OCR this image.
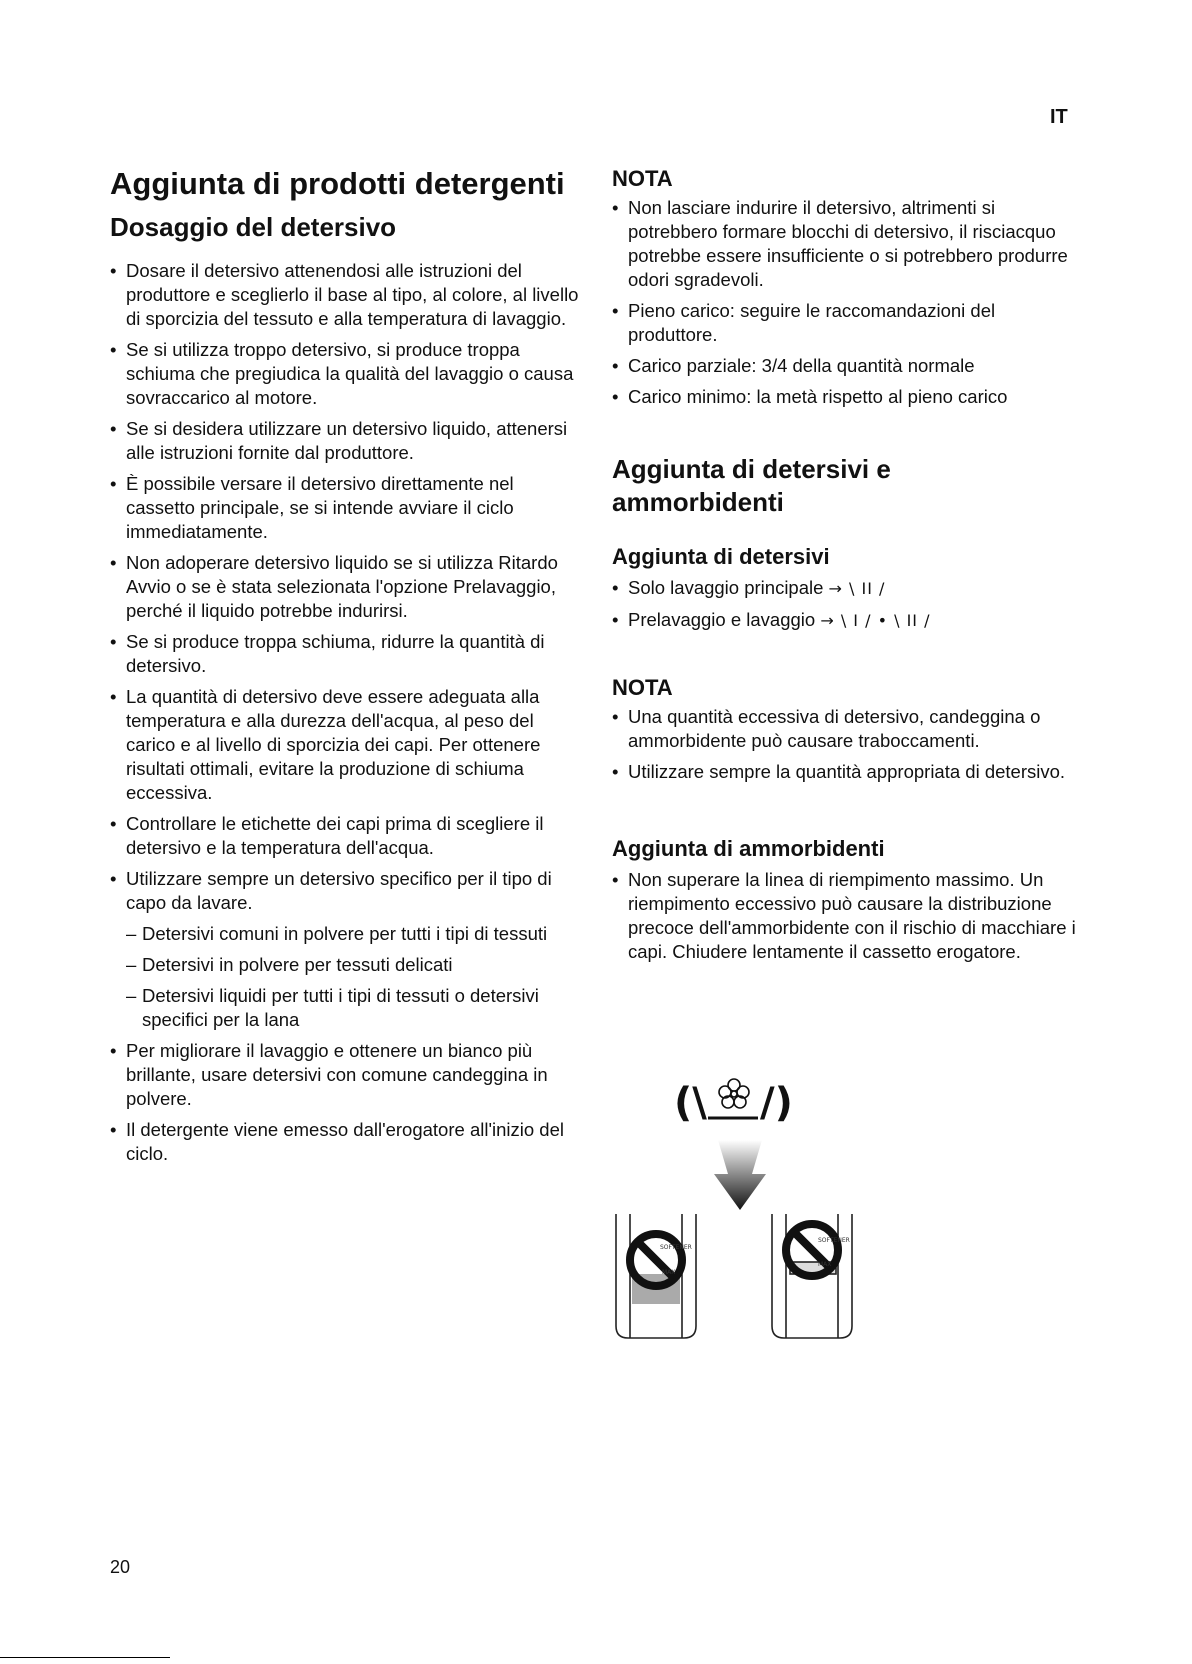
IT
Aggiunta di prodotti detergenti
Dosaggio del detersivo
• Dosare il detersivo attenendosi alle istruzioni del produttore e sceglierlo il base al tipo, al colore, al livello di sporcizia del tessuto e alla temperatura di lavaggio.
• Se si utilizza troppo detersivo, si produce troppa schiuma che pregiudica la qualità del lavaggio o causa sovraccarico al motore.
• Se si desidera utilizzare un detersivo liquido, attenersi alle istruzioni fornite dal produttore.
• È possibile versare il detersivo direttamente nel cassetto principale, se si intende avviare il ciclo immediatamente.
• Non adoperare detersivo liquido se si utilizza Ritardo Avvio o se è stata selezionata l'opzione Prelavaggio, perché il liquido potrebbe indurirsi.
• Se si produce troppa schiuma, ridurre la quantità di detersivo.
• La quantità di detersivo deve essere adeguata alla temperatura e alla durezza dell'acqua, al peso del carico e al livello di sporcizia dei capi. Per ottenere risultati ottimali, evitare la produzione di schiuma eccessiva.
• Controllare le etichette dei capi prima di scegliere il detersivo e la temperatura dell'acqua.
• Utilizzare sempre un detersivo specifico per il tipo di capo da lavare.
– Detersivi comuni in polvere per tutti i tipi di tessuti
– Detersivi in polvere per tessuti delicati
– Detersivi liquidi per tutti i tipi di tessuti o detersivi specifici per la lana
• Per migliorare il lavaggio e ottenere un bianco più brillante, usare detersivi con comune candeggina in polvere.
• Il detergente viene emesso dall'erogatore all'inizio del ciclo.
NOTA
• Non lasciare indurire il detersivo, altrimenti si potrebbero formare blocchi di detersivo, il risciacquo potrebbe essere insufficiente o si potrebbero produrre odori sgradevoli.
• Pieno carico: seguire le raccomandazioni del produttore.
• Carico parziale: 3/4 della quantità normale
• Carico minimo: la metà rispetto al pieno carico
Aggiunta di detersivi e ammorbidenti
Aggiunta di detersivi
• Solo lavaggio principale → \ II /
• Prelavaggio e lavaggio → \ I / • \ II /
NOTA
• Una quantità eccessiva di detersivo, candeggina o ammorbidente può causare traboccamenti.
• Utilizzare sempre la quantità appropriata di detersivo.
Aggiunta di ammorbidenti
• Non superare la linea di riempimento massimo. Un riempimento eccessivo può causare la distribuzione precoce dell'ammorbidente con il rischio di macchiare i capi. Chiudere lentamente il cassetto erogatore.
(\ /)
SOFTENER
MAX
SOFTENER
MAX
20
